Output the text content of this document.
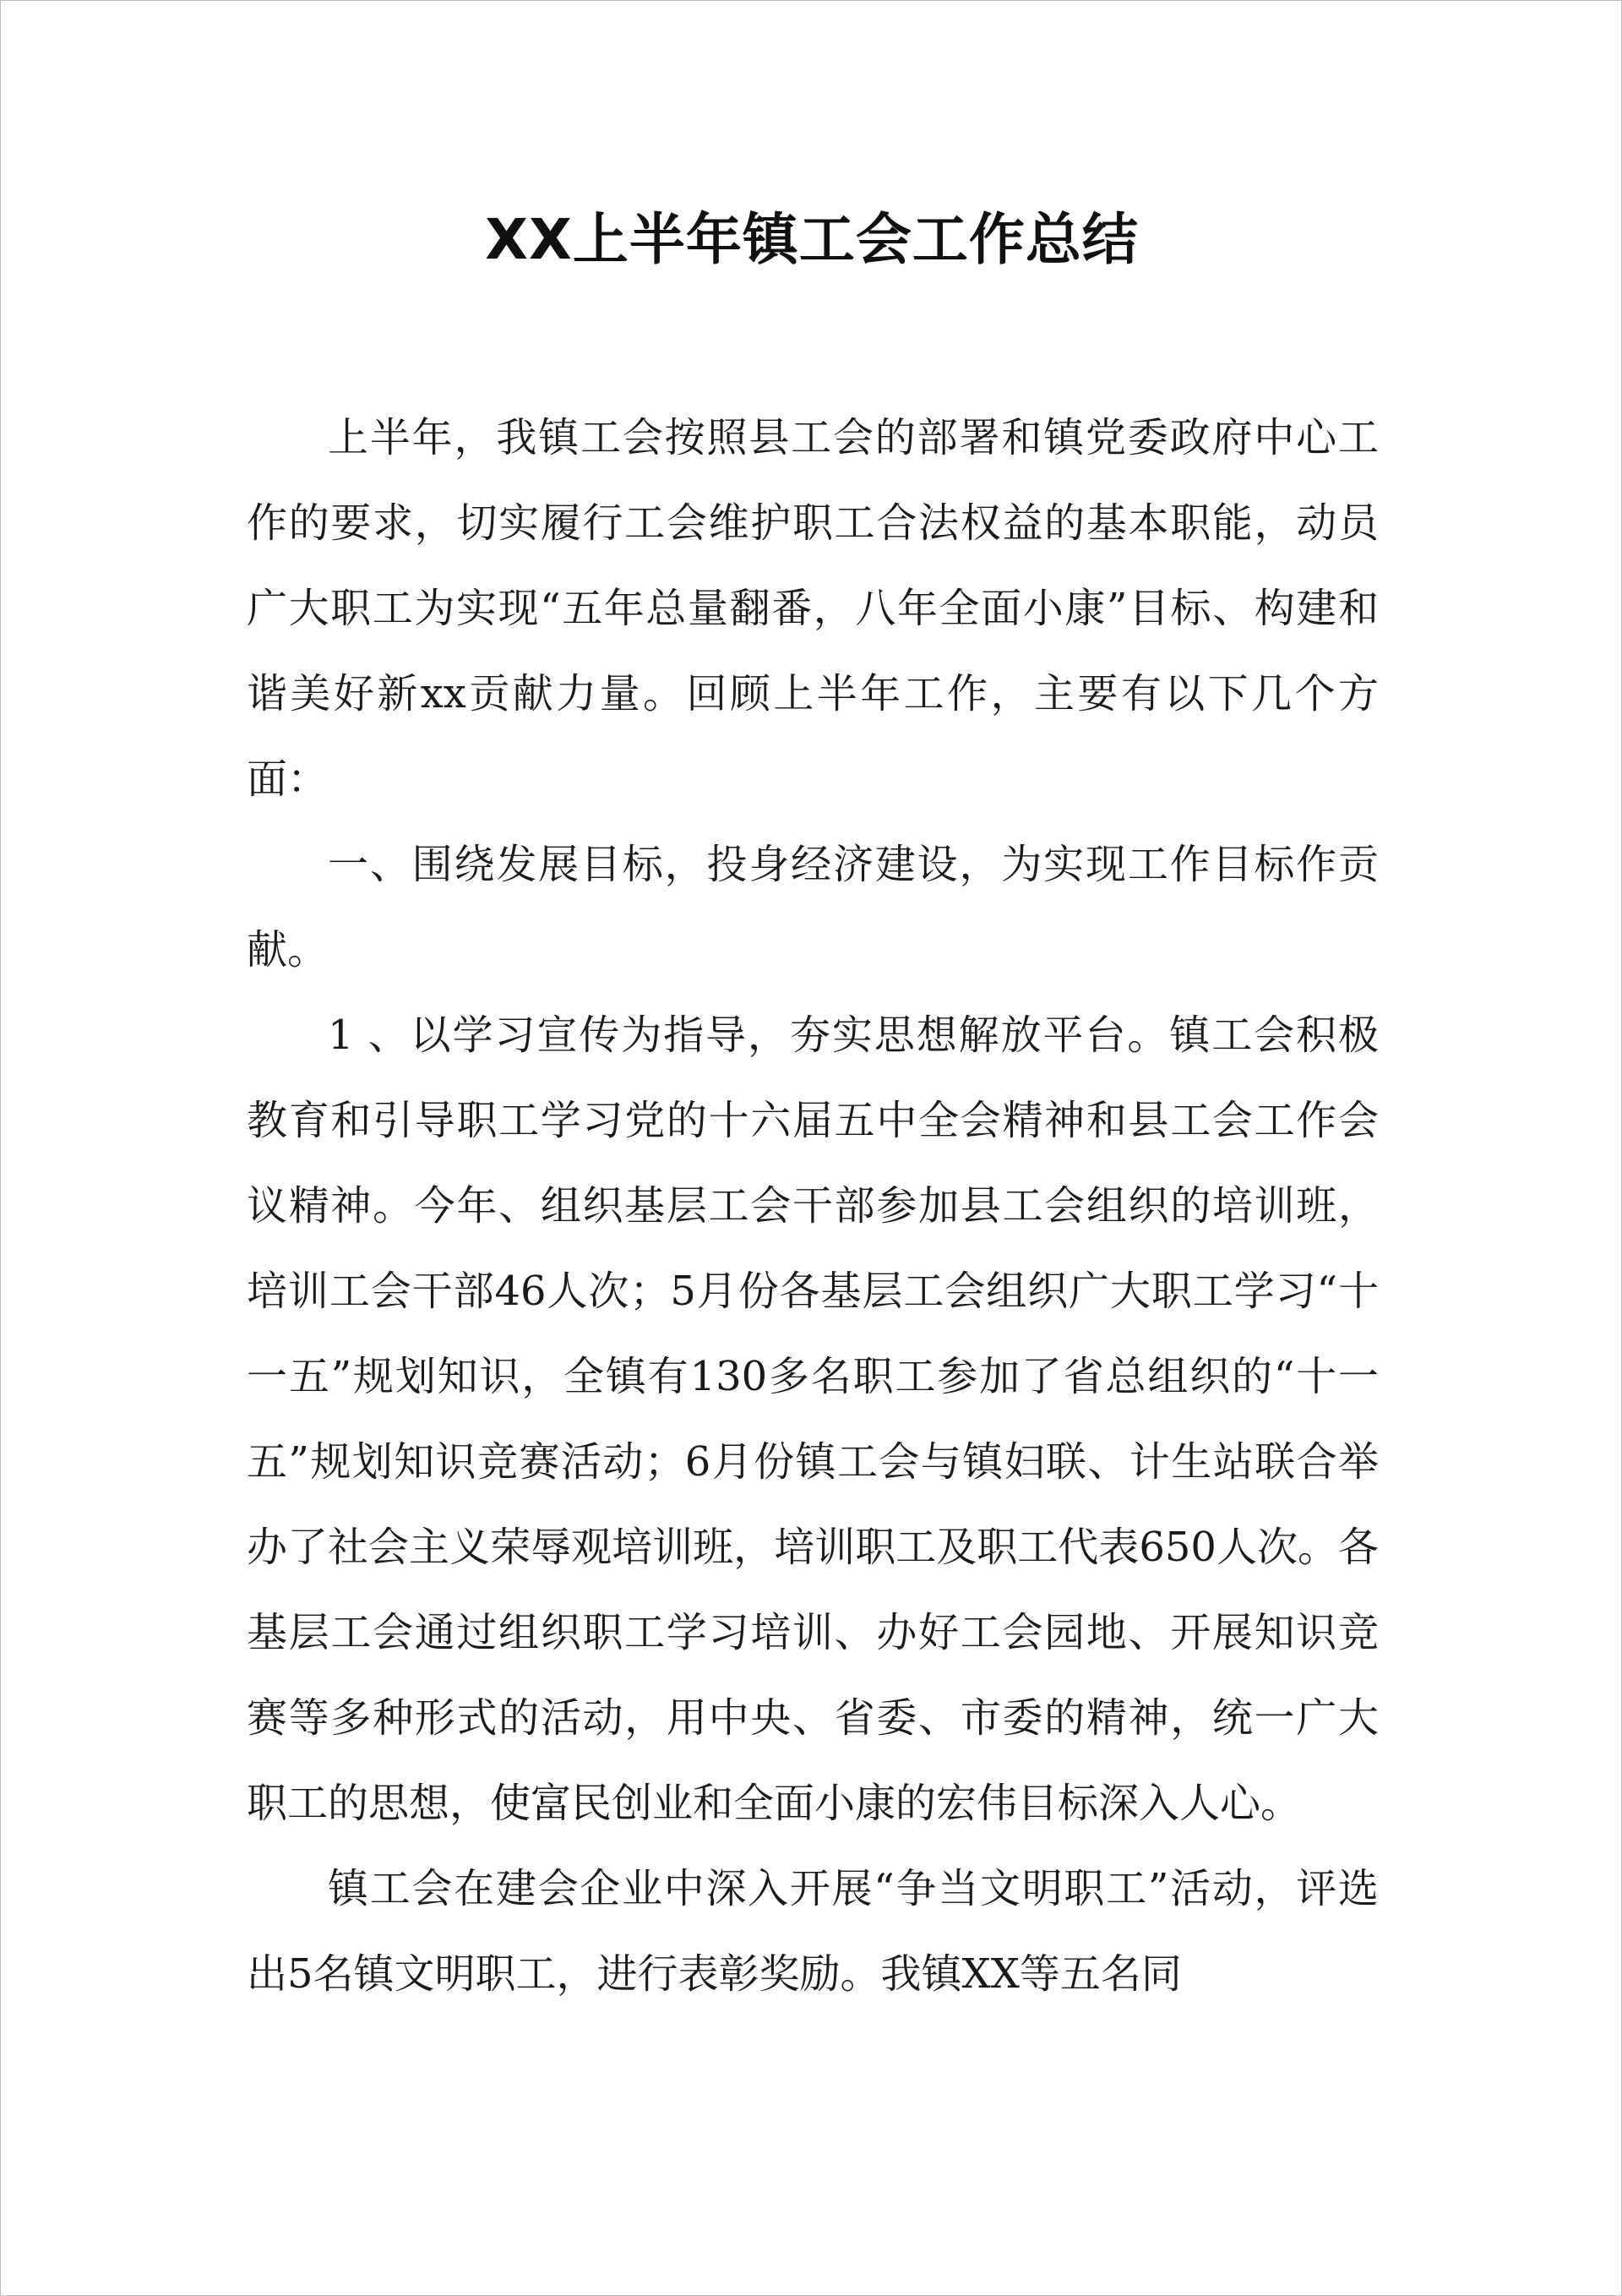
XX上半年镇工会工作总结

上半年，我镇工会按照县工会的部署和镇党委政府中心工作的要求，切实履行工会维护职工合法权益的基本职能，动员广大职工为实现“五年总量翻番，八年全面小康”目标、构建和谐美好新xx贡献力量。回顾上半年工作，主要有以下几个方面：

一、围绕发展目标，投身经济建设，为实现工作目标作贡献。

1 、以学习宣传为指导，夯实思想解放平台。镇工会积极教育和引导职工学习党的十六届五中全会精神和县工会工作会议精神。今年、组织基层工会干部参加县工会组织的培训班，培训工会干部46人次；5月份各基层工会组织广大职工学习“十一五”规划知识，全镇有130多名职工参加了省总组织的“十一五”规划知识竞赛活动；6月份镇工会与镇妇联、计生站联合举办了社会主义荣辱观培训班，培训职工及职工代表650人次。各基层工会通过组织职工学习培训、办好工会园地、开展知识竞赛等多种形式的活动，用中央、省委、市委的精神，统一广大职工的思想，使富民创业和全面小康的宏伟目标深入人心。

镇工会在建会企业中深入开展“争当文明职工”活动，评选出5名镇文明职工，进行表彰奖励。我镇XX等五名同
